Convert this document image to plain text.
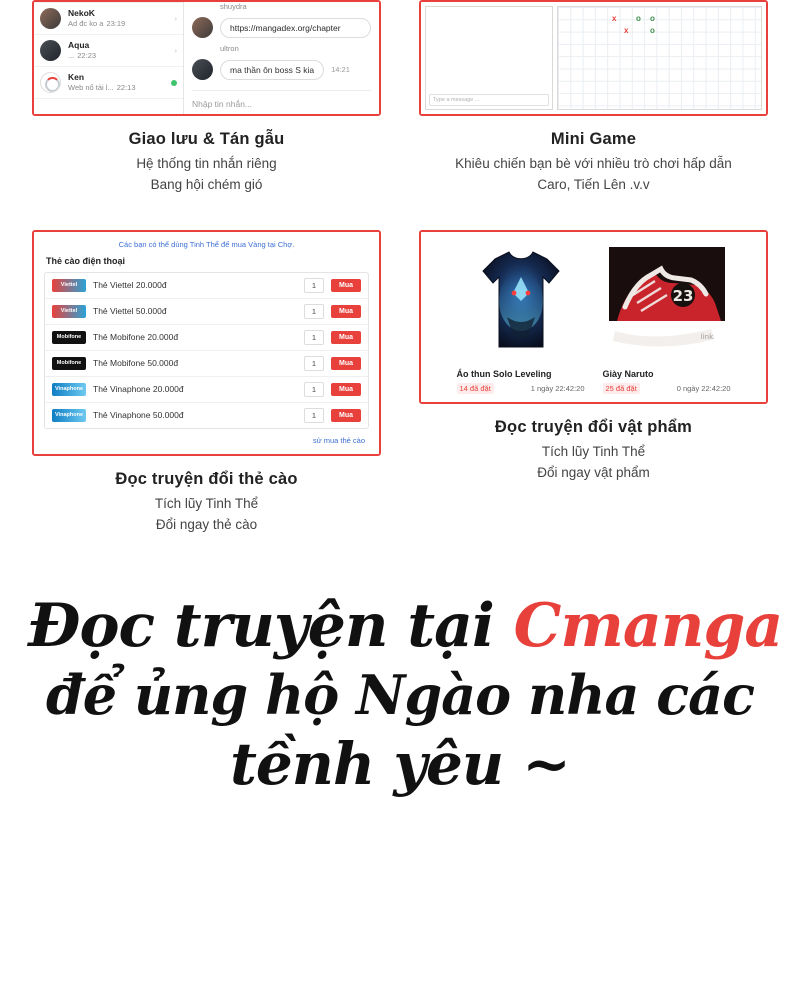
NekoK
Ad đc ko a 23:19
›
Aqua
... 22:23
›
Ken
Web nổ tài l... 22:13
shuydra
https://mangadex.org/chapter
ultron
ma thần ôn boss S kia	14:21
Nhập tin nhắn...
Giao lưu & Tán gẫu
Hệ thống tin nhắn riêng
Bang hội chém gió
Type a message ...
x
x
o o
o
Mini Game
Khiêu chiến bạn bè với nhiều trò chơi hấp dẫn
Caro, Tiến Lên .v.v
Các bạn có thể dùng Tinh Thể để mua Vàng tại Chợ.
Thẻ cào điện thoại
Viettel	Thẻ Viettel 20.000đ	1	Mua
Viettel	Thẻ Viettel 50.000đ	1	Mua
Mobifone	Thẻ Mobifone 20.000đ	1	Mua
Mobifone	Thẻ Mobifone 50.000đ	1	Mua
Vinaphone	Thẻ Vinaphone 20.000đ	1	Mua
Vinaphone	Thẻ Vinaphone 50.000đ	1	Mua
sử mua thẻ cào
Đọc truyện đổi thẻ cào
Tích lũy Tinh Thể
Đổi ngay thẻ cào
Áo thun Solo Leveling
14 đã đặt	1 ngày 22:42:20
23
link
Giày Naruto
25 đã đặt	0 ngày 22:42:20
Đọc truyện đổi vật phẩm
Tích lũy Tinh Thể
Đổi ngay vật phẩm
Đọc truyện tại Cmanga
để ủng hộ Ngào nha các
tềnh yêu ~
